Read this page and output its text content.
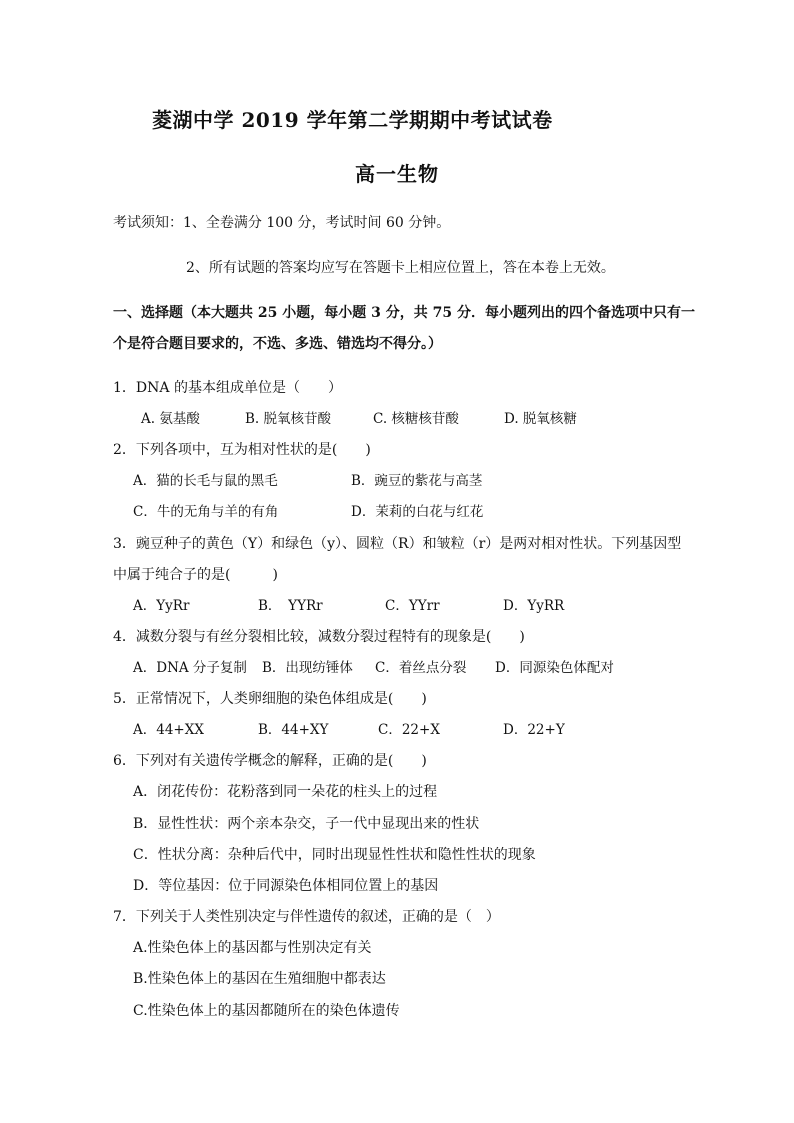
菱湖中学 2019 学年第二学期期中考试试卷
高一生物
考试须知：1、全卷满分 100 分，考试时间 60 分钟。
2、所有试题的答案均应写在答题卡上相应位置上，答在本卷上无效。
一、选择题（本大题共 25 小题，每小题 3 分，共 75 分．每小题列出的四个备选项中只有一
个是符合题目要求的，不选、多选、错选均不得分。）
1．DNA 的基本组成单位是（　　）
A. 氨基酸	B. 脱氧核苷酸	C. 核糖核苷酸	D. 脱氧核糖
2．下列各项中，互为相对性状的是(　　)
A．猫的长毛与鼠的黑毛	B．豌豆的紫花与高茎
C．牛的无角与羊的有角	D．茉莉的白花与红花
中属于纯合子的是(　　　)
3．豌豆种子的黄色（Y）和绿色（y）、圆粒（R）和皱粒（r）是两对相对性状。下列基因型
A．YyRr	B．　YYRr	C．YYrr	D．YyRR
4．减数分裂与有丝分裂相比较，减数分裂过程特有的现象是(　　)
A．DNA 分子复制 B．出现纺锤体 C．着丝点分裂 D．同源染色体配对
5．正常情况下，人类卵细胞的染色体组成是(　　)
A．44+XX	B．44+XY	C．22+X	D．22+Y
6．下列对有关遗传学概念的解释，正确的是(　　)
A．闭花传份：花粉落到同一朵花的柱头上的过程
B．显性性状：两个亲本杂交，子一代中显现出来的性状
C．性状分离：杂种后代中，同时出现显性性状和隐性性状的现象
D．等位基因：位于同源染色体相同位置上的基因
7．下列关于人类性别决定与伴性遗传的叙述，正确的是（　）
A.性染色体上的基因都与性别决定有关
B.性染色体上的基因在生殖细胞中都表达
C.性染色体上的基因都随所在的染色体遗传
